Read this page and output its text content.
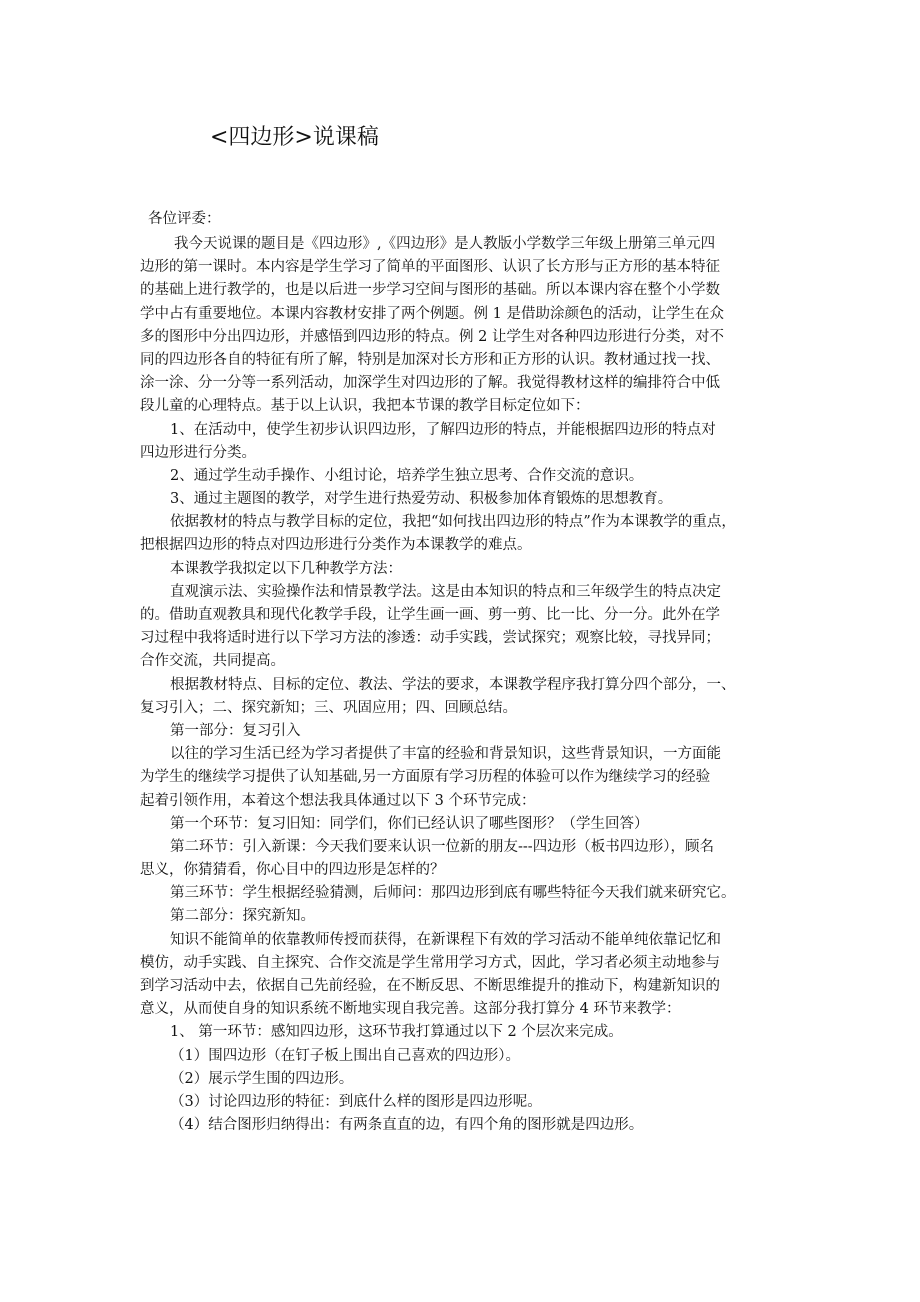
<四边形>说课稿
各位评委：
我今天说课的题目是《四边形》,《四边形》是人教版小学数学三年级上册第三单元四
边形的第一课时。本内容是学生学习了简单的平面图形、认识了长方形与正方形的基本特征
的基础上进行教学的，也是以后进一步学习空间与图形的基础。所以本课内容在整个小学数
学中占有重要地位。本课内容教材安排了两个例题。例 1 是借助涂颜色的活动，让学生在众
多的图形中分出四边形，并感悟到四边形的特点。例 2 让学生对各种四边形进行分类，对不
同的四边形各自的特征有所了解，特别是加深对长方形和正方形的认识。教材通过找一找、
涂一涂、分一分等一系列活动，加深学生对四边形的了解。我觉得教材这样的编排符合中低
段儿童的心理特点。基于以上认识，我把本节课的教学目标定位如下：
1、在活动中，使学生初步认识四边形，了解四边形的特点，并能根据四边形的特点对
四边形进行分类。
2、通过学生动手操作、小组讨论，培养学生独立思考、合作交流的意识。
3、通过主题图的教学，对学生进行热爱劳动、积极参加体育锻炼的思想教育。
依据教材的特点与教学目标的定位，我把“如何找出四边形的特点”作为本课教学的重点，
把根据四边形的特点对四边形进行分类作为本课教学的难点。
本课教学我拟定以下几种教学方法：
直观演示法、实验操作法和情景教学法。这是由本知识的特点和三年级学生的特点决定
的。借助直观教具和现代化教学手段，让学生画一画、剪一剪、比一比、分一分。此外在学
习过程中我将适时进行以下学习方法的渗透：动手实践，尝试探究；观察比较，寻找异同；
合作交流，共同提高。
根据教材特点、目标的定位、教法、学法的要求，本课教学程序我打算分四个部分，一、
复习引入；二、探究新知；三、巩固应用；四、回顾总结。
第一部分：复习引入
以往的学习生活已经为学习者提供了丰富的经验和背景知识，这些背景知识，一方面能
为学生的继续学习提供了认知基础,另一方面原有学习历程的体验可以作为继续学习的经验
起着引领作用，本着这个想法我具体通过以下 3 个环节完成：
第一个环节：复习旧知：同学们，你们已经认识了哪些图形？（学生回答）
第二环节：引入新课：今天我们要来认识一位新的朋友---四边形（板书四边形），顾名
思义，你猜猜看，你心目中的四边形是怎样的？
第三环节：学生根据经验猜测，后师问：那四边形到底有哪些特征今天我们就来研究它。
第二部分：探究新知。
知识不能简单的依靠教师传授而获得，在新课程下有效的学习活动不能单纯依靠记忆和
模仿，动手实践、自主探究、合作交流是学生常用学习方式，因此，学习者必须主动地参与
到学习活动中去，依据自己先前经验，在不断反思、不断思维提升的推动下，构建新知识的
意义，从而使自身的知识系统不断地实现自我完善。这部分我打算分 4 环节来教学：
1、 第一环节：感知四边形，这环节我打算通过以下 2 个层次来完成。
（1）围四边形（在钉子板上围出自己喜欢的四边形）。
（2）展示学生围的四边形。
（3）讨论四边形的特征：到底什么样的图形是四边形呢。
（4）结合图形归纳得出：有两条直直的边，有四个角的图形就是四边形。
